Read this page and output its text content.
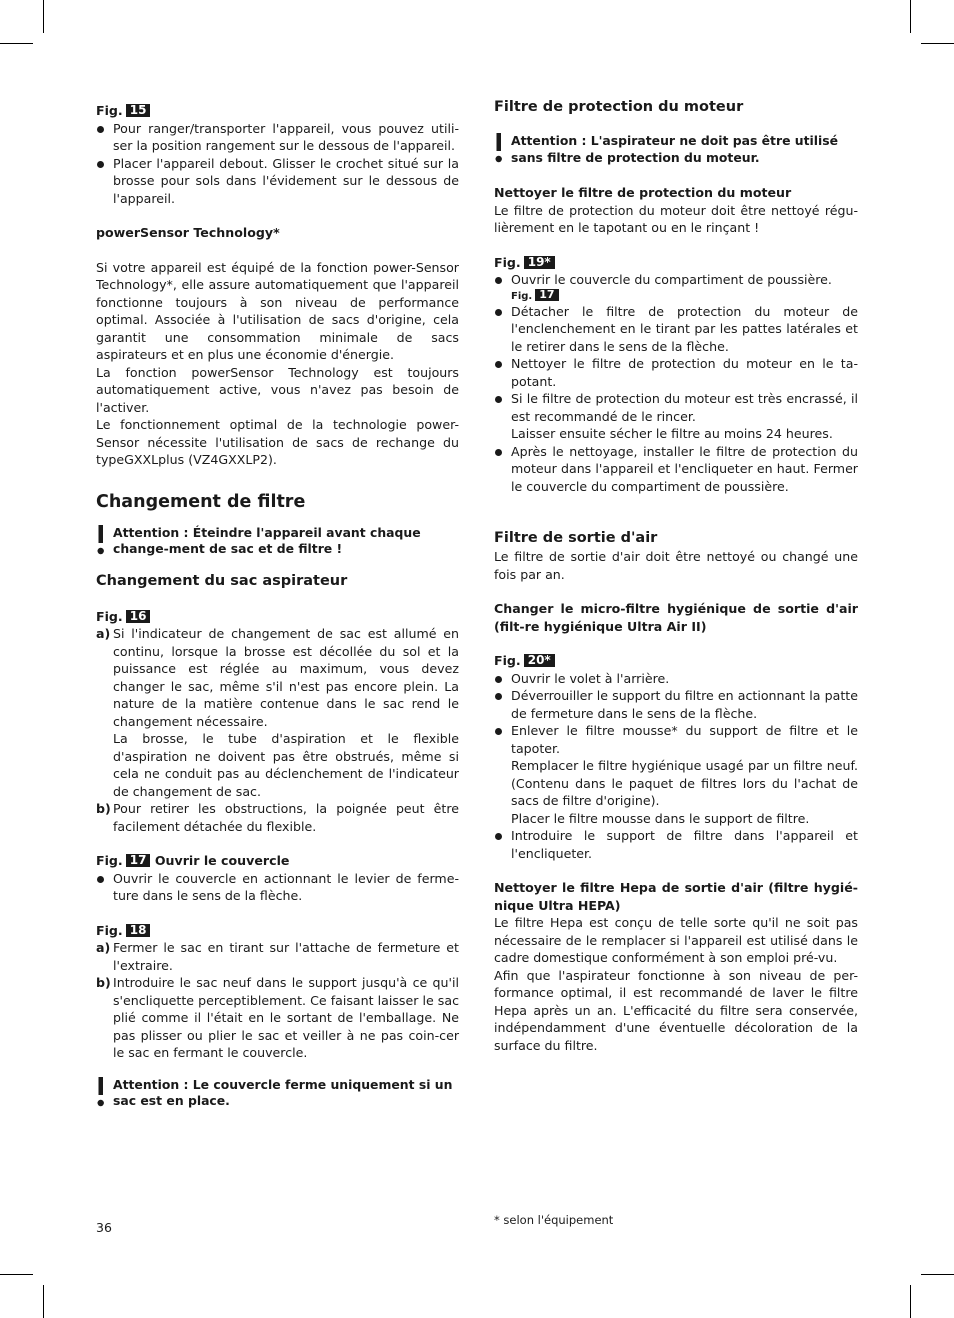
Fig. 15

Pour ranger/transporter l'appareil, vous pouvez utili-ser la position rangement sur le dessous de l'appareil.

Placer l'appareil debout. Glisser le crochet situé sur la brosse pour sols dans l'évidement sur le dessous de l'appareil.

powerSensor Technology*

Si votre appareil est équipé de la fonction power-Sensor Technology*, elle assure automatiquement que l'appareil fonctionne toujours à son niveau de performance optimal. Associée à l'utilisation de sacs d'origine, cela garantit une consommation minimale de sacs aspirateurs et en plus une économie d'énergie.

La fonction powerSensor Technology est toujours automatiquement active, vous n'avez pas besoin de l'activer.

Le fonctionnement optimal de la technologie power-Sensor nécessite l'utilisation de sacs de rechange du typeGXXLplus (VZ4GXXLP2).

Changement de filtre
Attention : Éteindre l'appareil avant chaque change-ment de sac et de filtre !
Changement du sac aspirateur

Fig. 16

a) Si l'indicateur de changement de sac est allumé en continu, lorsque la brosse est décollée du sol et la puissance est réglée au maximum, vous devez changer le sac, même s'il n'est pas encore plein. La nature de la matière contenue dans le sac rend le changement nécessaire.
La brosse, le tube d'aspiration et le flexible d'aspiration ne doivent pas être obstrués, même si cela ne conduit pas au déclenchement de l'indicateur de changement de sac.
b) Pour retirer les obstructions, la poignée peut être facilement détachée du flexible.

Fig. 17 Ouvrir le couvercle

Ouvrir le couvercle en actionnant le levier de ferme-ture dans le sens de la flèche.

Fig. 18

a) Fermer le sac en tirant sur l'attache de fermeture et l'extraire.
b) Introduire le sac neuf dans le support jusqu'à ce qu'il s'encliquette perceptiblement. Ce faisant laisser le sac plié comme il l'était en le sortant de l'emballage. Ne pas plisser ou plier le sac et veiller à ne pas coin-cer le sac en fermant le couvercle.
Attention : Le couvercle ferme uniquement si un sac est en place.
Filtre de protection du moteur
Attention : L'aspirateur ne doit pas être utilisé sans filtre de protection du moteur.

Nettoyer le filtre de protection du moteur

Le filtre de protection du moteur doit être nettoyé régu-lièrement en le tapotant ou en le rinçant !

Fig. 19*

Ouvrir le couvercle du compartiment de poussière.

Fig. 17

Détacher le filtre de protection du moteur de l'enclenchement en le tirant par les pattes latérales et le retirer dans le sens de la flèche.

Nettoyer le filtre de protection du moteur en le ta-potant.

Si le filtre de protection du moteur est très encrassé, il est recommandé de le rincer.
Laisser ensuite sécher le filtre au moins 24 heures.

Après le nettoyage, installer le filtre de protection du moteur dans l'appareil et l'encliqueter en haut. Fermer le couvercle du compartiment de poussière.

Filtre de sortie d'air

Le filtre de sortie d'air doit être nettoyé ou changé une fois par an.

Changer le micro-filtre hygiénique de sortie d'air (filt-re hygiénique Ultra Air II)

Fig. 20*

Ouvrir le volet à l'arrière.

Déverrouiller le support du filtre en actionnant la patte de fermeture dans le sens de la flèche.

Enlever le filtre mousse* du support de filtre et le tapoter.
Remplacer le filtre hygiénique usagé par un filtre neuf. (Contenu dans le paquet de filtres lors du l'achat de sacs de filtre d'origine).
Placer le filtre mousse dans le support de filtre.

Introduire le support de filtre dans l'appareil et l'encliqueter.

Nettoyer le filtre Hepa de sortie d'air (filtre hygié-nique Ultra HEPA)

Le filtre Hepa est conçu de telle sorte qu'il ne soit pas nécessaire de le remplacer si l'appareil est utilisé dans le cadre domestique conformément à son emploi pré-vu.

Afin que l'aspirateur fonctionne à son niveau de per-formance optimal, il est recommandé de laver le filtre Hepa après un an. L'efficacité du filtre sera conservée, indépendamment d'une éventuelle décoloration de la surface du filtre.

36	* selon l'équipement
